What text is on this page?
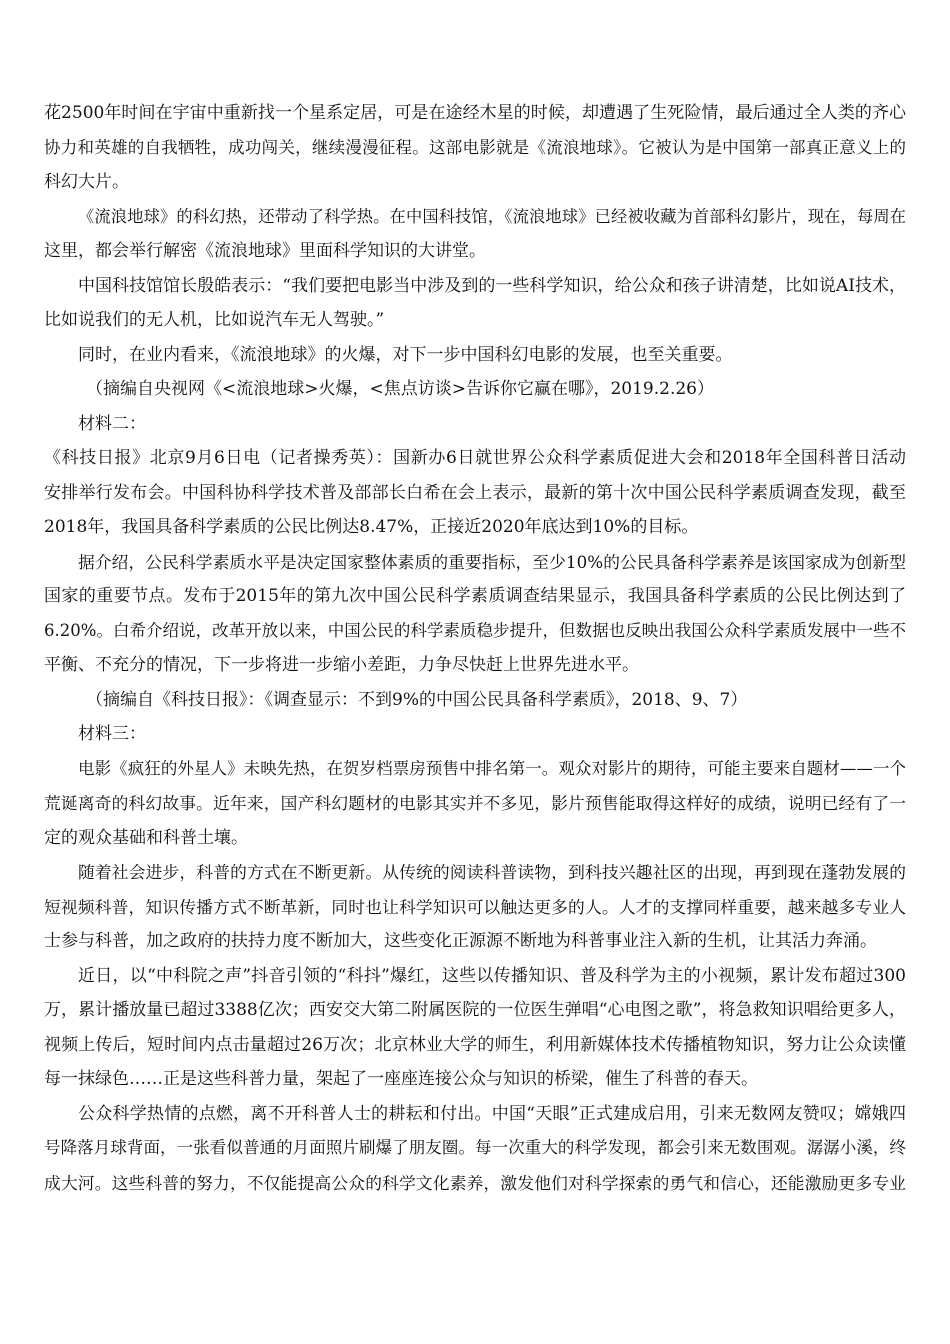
花2500年时间在宇宙中重新找一个星系定居，可是在途经木星的时候，却遭遇了生死险情，最后通过全人类的齐心
协力和英雄的自我牺牲，成功闯关，继续漫漫征程。这部电影就是《流浪地球》。它被认为是中国第一部真正意义上的
科幻大片。
《流浪地球》的科幻热，还带动了科学热。在中国科技馆，《流浪地球》已经被收藏为首部科幻影片，现在，每周在
这里，都会举行解密《流浪地球》里面科学知识的大讲堂。
中国科技馆馆长殷皓表示：“我们要把电影当中涉及到的一些科学知识，给公众和孩子讲清楚，比如说AI技术，
比如说我们的无人机，比如说汽车无人驾驶。”
同时，在业内看来，《流浪地球》的火爆，对下一步中国科幻电影的发展，也至关重要。
（摘编自央视网《<流浪地球>火爆，<焦点访谈>告诉你它赢在哪》，2019.2.26）
材料二：
《科技日报》北京9月6日电（记者操秀英）：国新办6日就世界公众科学素质促进大会和2018年全国科普日活动
安排举行发布会。中国科协科学技术普及部部长白希在会上表示，最新的第十次中国公民科学素质调查发现，截至
2018年，我国具备科学素质的公民比例达8.47%，正接近2020年底达到10%的目标。
据介绍，公民科学素质水平是决定国家整体素质的重要指标，至少10%的公民具备科学素养是该国家成为创新型
国家的重要节点。发布于2015年的第九次中国公民科学素质调查结果显示，我国具备科学素质的公民比例达到了
6.20%。白希介绍说，改革开放以来，中国公民的科学素质稳步提升，但数据也反映出我国公众科学素质发展中一些不
平衡、不充分的情况，下一步将进一步缩小差距，力争尽快赶上世界先进水平。
（摘编自《科技日报》：《调查显示：不到9%的中国公民具备科学素质》，2018、9、7）
材料三：
电影《疯狂的外星人》未映先热，在贺岁档票房预售中排名第一。观众对影片的期待，可能主要来自题材——一个
荒诞离奇的科幻故事。近年来，国产科幻题材的电影其实并不多见，影片预售能取得这样好的成绩，说明已经有了一
定的观众基础和科普土壤。
随着社会进步，科普的方式在不断更新。从传统的阅读科普读物，到科技兴趣社区的出现，再到现在蓬勃发展的
短视频科普，知识传播方式不断革新，同时也让科学知识可以触达更多的人。人才的支撑同样重要，越来越多专业人
士参与科普，加之政府的扶持力度不断加大，这些变化正源源不断地为科普事业注入新的生机，让其活力奔涌。
近日，以“中科院之声”抖音引领的“科抖”爆红，这些以传播知识、普及科学为主的小视频，累计发布超过300
万，累计播放量已超过3388亿次；西安交大第二附属医院的一位医生弹唱“心电图之歌”，将急救知识唱给更多人，
视频上传后，短时间内点击量超过26万次；北京林业大学的师生，利用新媒体技术传播植物知识，努力让公众读懂
每一抹绿色……正是这些科普力量，架起了一座座连接公众与知识的桥梁，催生了科普的春天。
公众科学热情的点燃，离不开科普人士的耕耘和付出。中国“天眼”正式建成启用，引来无数网友赞叹；嫦娥四
号降落月球背面，一张看似普通的月面照片刷爆了朋友圈。每一次重大的科学发现，都会引来无数围观。潺潺小溪，终
成大河。这些科普的努力，不仅能提高公众的科学文化素养，激发他们对科学探索的勇气和信心，还能激励更多专业
